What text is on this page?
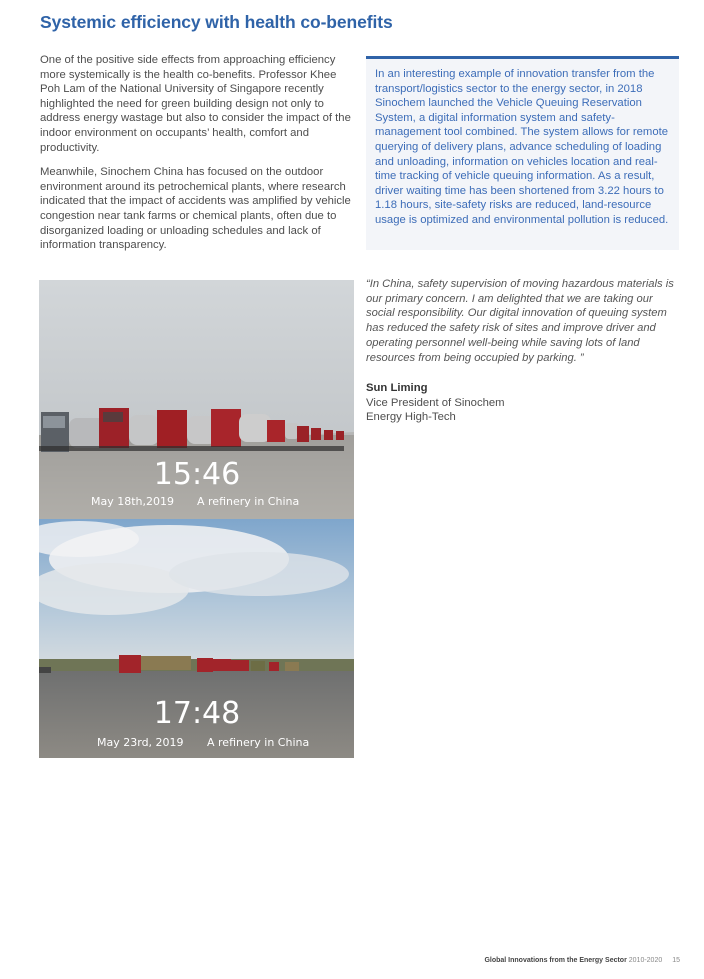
Systemic efficiency with health co-benefits

One of the positive side effects from approaching efficiency more systemically is the health co-benefits. Professor Khee Poh Lam of the National University of Singapore recently highlighted the need for green building design not only to address energy wastage but also to consider the impact of the indoor environment on occupants’ health, comfort and productivity.

Meanwhile, Sinochem China has focused on the outdoor environment around its petrochemical plants, where research indicated that the impact of accidents was amplified by vehicle congestion near tank farms or chemical plants, often due to disorganized loading or unloading schedules and lack of information transparency.

In an interesting example of innovation transfer from the transport/logistics sector to the energy sector, in 2018 Sinochem launched the Vehicle Queuing Reservation System, a digital information system and safety-management tool combined. The system allows for remote querying of delivery plans, advance scheduling of loading and unloading, information on vehicles location and real-time tracking of vehicle queuing information. As a result, driver waiting time has been shortened from 3.22 hours to 1.18 hours, site-safety risks are reduced, land-resource usage is optimized and environmental pollution is reduced.

“In China, safety supervision of moving hazardous materials is our primary concern. I am delighted that we are taking our social responsibility. Our digital innovation of queuing system has reduced the safety risk of sites and improve driver and operating personnel well-being while saving lots of land resources from being occupied by parking. ”

Sun Liming
Vice President of Sinochem
Energy High-Tech
15:46
May 18th,2019 A refinery in China
17:48
May 23rd, 2019 A refinery in China
Global Innovations from the Energy Sector 2010-2020 15
